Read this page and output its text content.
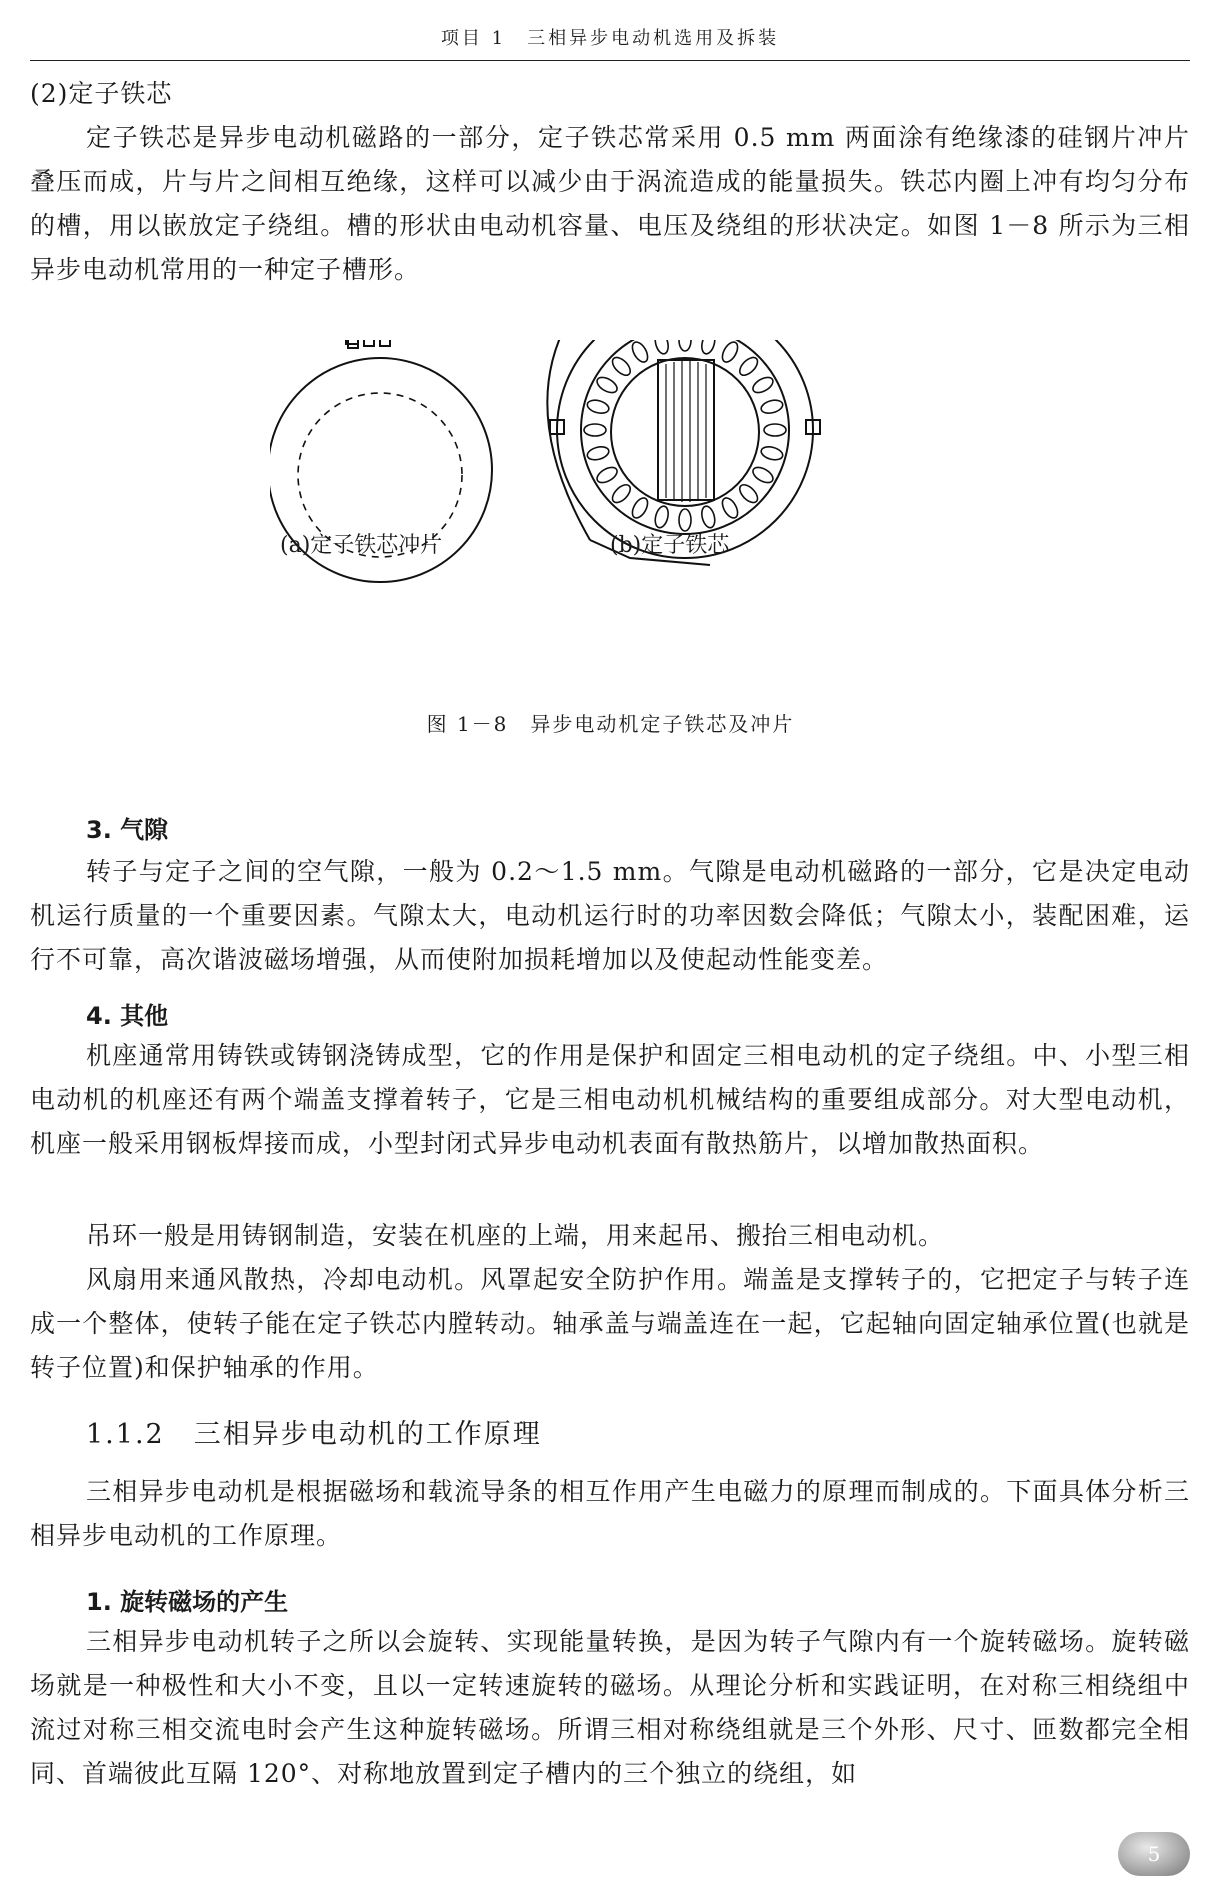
项目 1　三相异步电动机选用及拆装
(2)定子铁芯
定子铁芯是异步电动机磁路的一部分，定子铁芯常采用 0.5 mm 两面涂有绝缘漆的硅钢片冲片叠压而成，片与片之间相互绝缘，这样可以减少由于涡流造成的能量损失。铁芯内圈上冲有均匀分布的槽，用以嵌放定子绕组。槽的形状由电动机容量、电压及绕组的形状决定。如图 1－8 所示为三相异步电动机常用的一种定子槽形。
(a)定子铁芯冲片	(b)定子铁芯
图 1－8　异步电动机定子铁芯及冲片
3. 气隙
转子与定子之间的空气隙，一般为 0.2～1.5 mm。气隙是电动机磁路的一部分，它是决定电动机运行质量的一个重要因素。气隙太大，电动机运行时的功率因数会降低；气隙太小，装配困难，运行不可靠，高次谐波磁场增强，从而使附加损耗增加以及使起动性能变差。
4. 其他
机座通常用铸铁或铸钢浇铸成型，它的作用是保护和固定三相电动机的定子绕组。中、小型三相电动机的机座还有两个端盖支撑着转子，它是三相电动机机械结构的重要组成部分。对大型电动机，机座一般采用钢板焊接而成，小型封闭式异步电动机表面有散热筋片，以增加散热面积。
吊环一般是用铸钢制造，安装在机座的上端，用来起吊、搬抬三相电动机。
风扇用来通风散热，冷却电动机。风罩起安全防护作用。端盖是支撑转子的，它把定子与转子连成一个整体，使转子能在定子铁芯内膛转动。轴承盖与端盖连在一起，它起轴向固定轴承位置(也就是转子位置)和保护轴承的作用。
1.1.2　三相异步电动机的工作原理
三相异步电动机是根据磁场和载流导条的相互作用产生电磁力的原理而制成的。下面具体分析三相异步电动机的工作原理。
1. 旋转磁场的产生
三相异步电动机转子之所以会旋转、实现能量转换，是因为转子气隙内有一个旋转磁场。旋转磁场就是一种极性和大小不变，且以一定转速旋转的磁场。从理论分析和实践证明，在对称三相绕组中流过对称三相交流电时会产生这种旋转磁场。所谓三相对称绕组就是三个外形、尺寸、匝数都完全相同、首端彼此互隔 120°、对称地放置到定子槽内的三个独立的绕组，如
5
